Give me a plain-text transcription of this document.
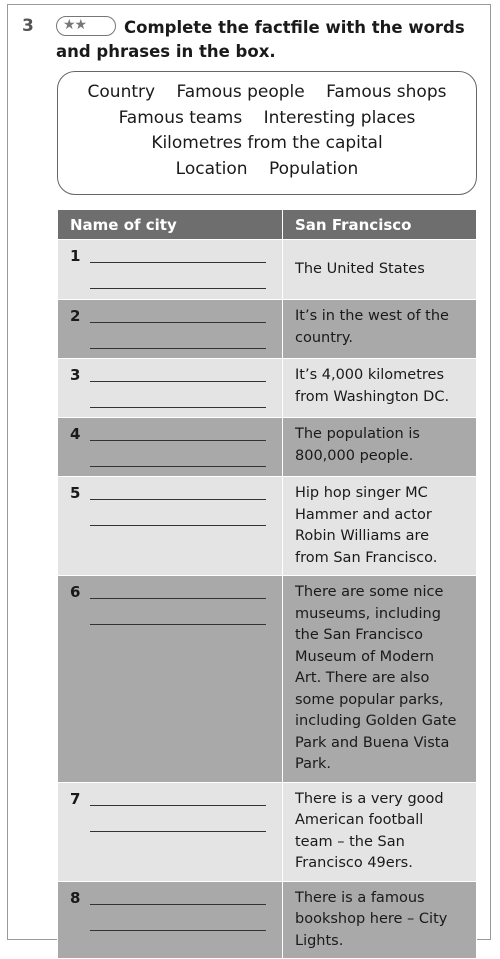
3	Complete the factfile with the words and phrases in the box.
★★
Country Famous people Famous shops
Famous teams Interesting places
Kilometres from the capital
Location Population
Name of city	San Francisco

1	The United States

2	It’s in the west of the country.

3	It’s 4,000 kilometres from Washington DC.

4	The population is 800,000 people.

5	Hip hop singer MC Hammer and actor Robin Williams are from San Francisco.

6	There are some nice museums, including the San Francisco Museum of Modern Art. There are also some popular parks, including Golden Gate Park and Buena Vista Park.

7	There is a very good American football team – the San Francisco 49ers.

8	There is a famous bookshop here – City Lights.
